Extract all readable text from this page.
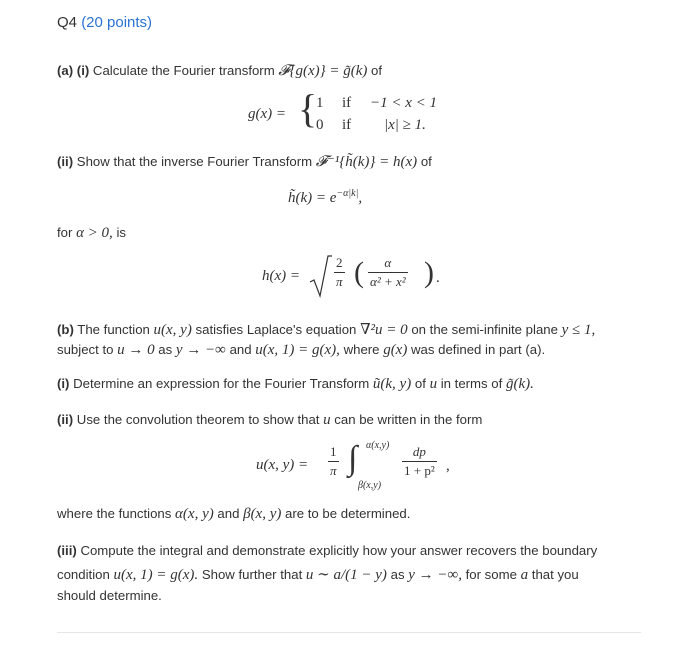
Q4 (20 points)
(a) (i) Calculate the Fourier transform 𝓕{g(x)} = g̃(k) of
g(x) = {
1 if −1 < x < 1
0 if |x| ≥ 1.
(ii) Show that the inverse Fourier Transform 𝓕⁻¹{h̃(k)} = h(x) of
h̃(k) = $e^{-\alpha|k|}$,
for α > 0, is
h(x) =	$\frac{2}{\pi}$ ( $\frac{\alpha}{\text{α² + x²}}$ ) .
(b) The function u(x, y) satisfies Laplace's equation ∇²u = 0 on the semi-infinite plane y ≤ 1,
subject to u → 0 as y → −∞ and u(x, 1) = g(x), where g(x) was defined in part (a).
(i) Determine an expression for the Fourier Transform ũ(k, y) of u in terms of g̃(k).
(ii) Use the convolution theorem to show that u can be written in the form
u(x, $y) = \frac{1}{\pi}$ ∫ α(x,y)
β(x,y)
$\frac{dp}{\text{1 + p²}}$ ,
where the functions α(x, y) and β(x, y) are to be determined.
(iii) Compute the integral and demonstrate explicitly how your answer recovers the boundary
condition u(x, 1) = g(x). Show further that u ∼ a/(1 − y) as y → −∞, for some a that you
should determine.
